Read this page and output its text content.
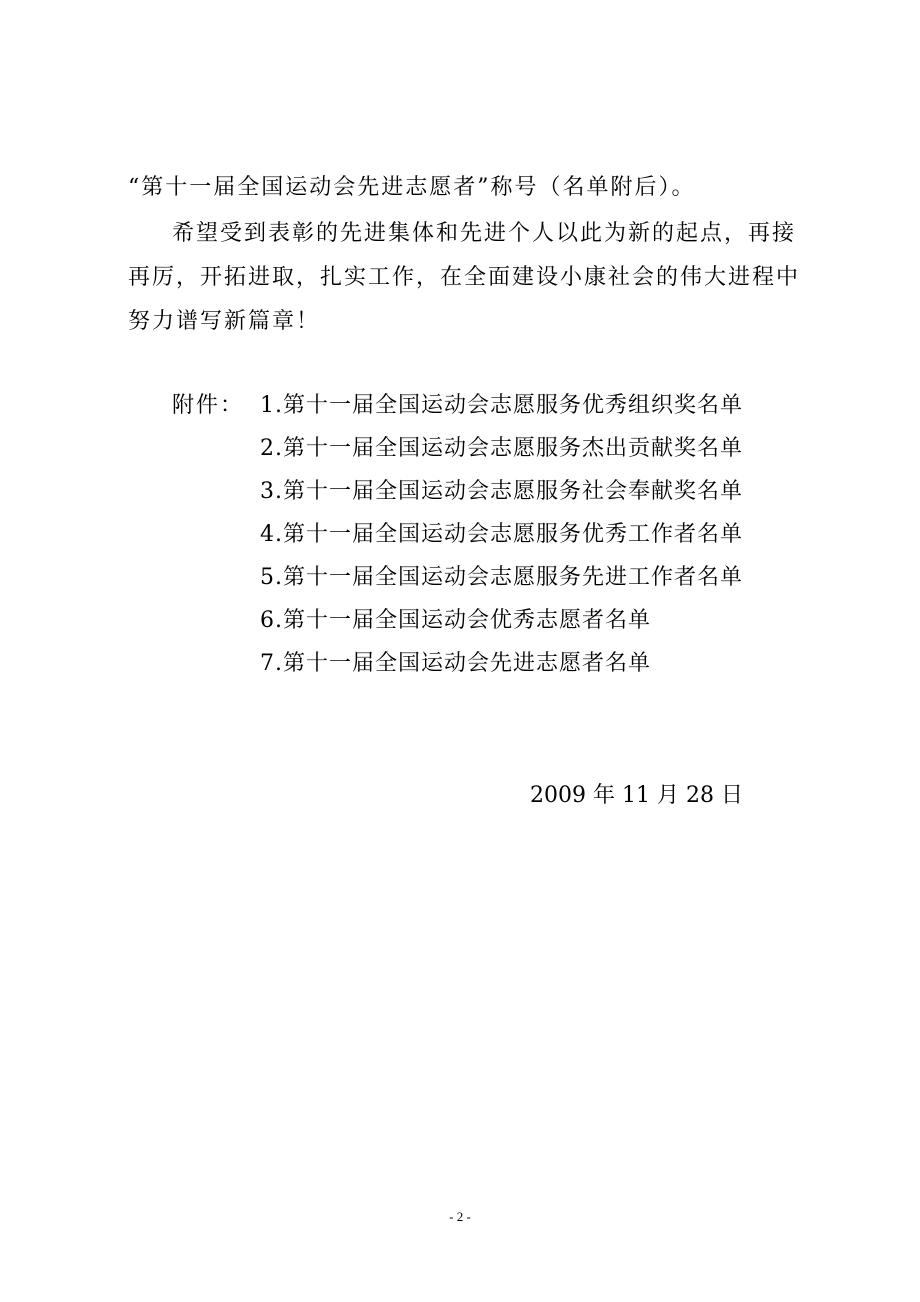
“第十一届全国运动会先进志愿者”称号（名单附后）。
希望受到表彰的先进集体和先进个人以此为新的起点，再接
再厉，开拓进取，扎实工作，在全面建设小康社会的伟大进程中
努力谱写新篇章！
附件： 1.第十一届全国运动会志愿服务优秀组织奖名单
2.第十一届全国运动会志愿服务杰出贡献奖名单
3.第十一届全国运动会志愿服务社会奉献奖名单
4.第十一届全国运动会志愿服务优秀工作者名单
5.第十一届全国运动会志愿服务先进工作者名单
6.第十一届全国运动会优秀志愿者名单
7.第十一届全国运动会先进志愿者名单
2009 年 11 月 28 日
- 2 -
